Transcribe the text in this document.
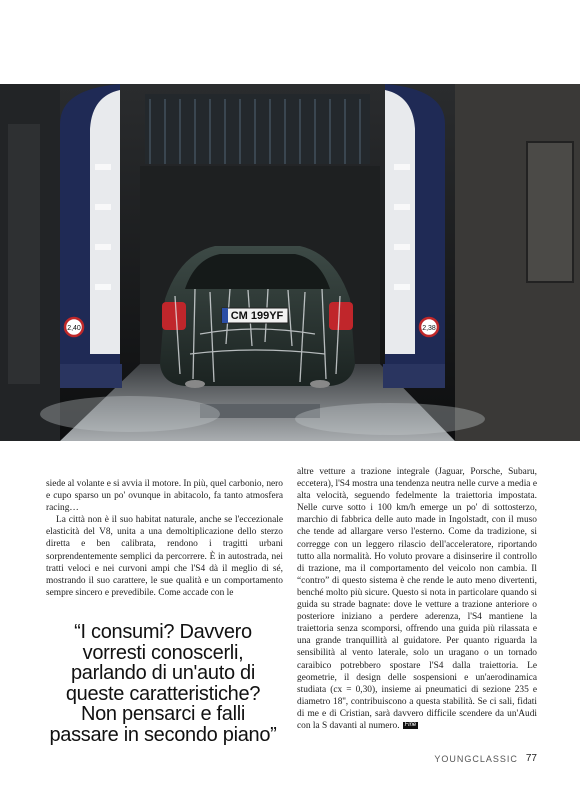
2,40	2,38
CM 199YF

siede al volante e si avvia il motore. In più, quel carbonio, nero e cupo sparso un po' ovunque in abitacolo, fa tanto atmosfera racing…

La città non è il suo habitat naturale, anche se l'eccezionale elasticità del V8, unita a una demoltiplicazione dello sterzo diretta e ben calibrata, rendono i tragitti urbani sorprendentemente semplici da percorrere. È in autostrada, nei tratti veloci e nei curvoni ampi che l'S4 dà il meglio di sé, mostrando il suo carattere, le sue qualità e un comportamento sempre sincero e prevedibile. Come accade con le

“I consumi? Davvero vorresti conoscerli, parlando di un'auto di queste caratteristiche? Non pensarci e falli passare in secondo piano”

altre vetture a trazione integrale (Jaguar, Porsche, Subaru, eccetera), l'S4 mostra una tendenza neutra nelle curve a media e alta velocità, seguendo fedelmente la traiettoria impostata. Nelle curve sotto i 100 km/h emerge un po' di sottosterzo, marchio di fabbrica delle auto made in Ingolstadt, con il muso che tende ad allargare verso l'esterno. Come da tradizione, si corregge con un leggero rilascio dell'acceleratore, riportando tutto alla normalità. Ho voluto provare a disinserire il controllo di trazione, ma il comportamento del veicolo non cambia. Il “contro” di questo sistema è che rende le auto meno divertenti, benché molto più sicure. Questo si nota in particolare quando si guida su strade bagnate: dove le vetture a trazione anteriore o posteriore iniziano a perdere aderenza, l'S4 mantiene la traiettoria senza scomporsi, offrendo una guida più rilassata e una grande tranquillità al guidatore. Per quanto riguarda la sensibilità al vento laterale, solo un uragano o un tornado caraibico potrebbero spostare l'S4 dalla traiettoria. Le geometrie, il design delle sospensioni e un'aerodinamica studiata (cx = 0,30), insieme ai pneumatici di sezione 235 e diametro 18'', contribuiscono a questa stabilità. Se ci sali, fidati di me e di Cristian, sarà davvero difficile scendere da un'Audi con la S davanti al numero. Fine

YOUNGCLASSIC 77
